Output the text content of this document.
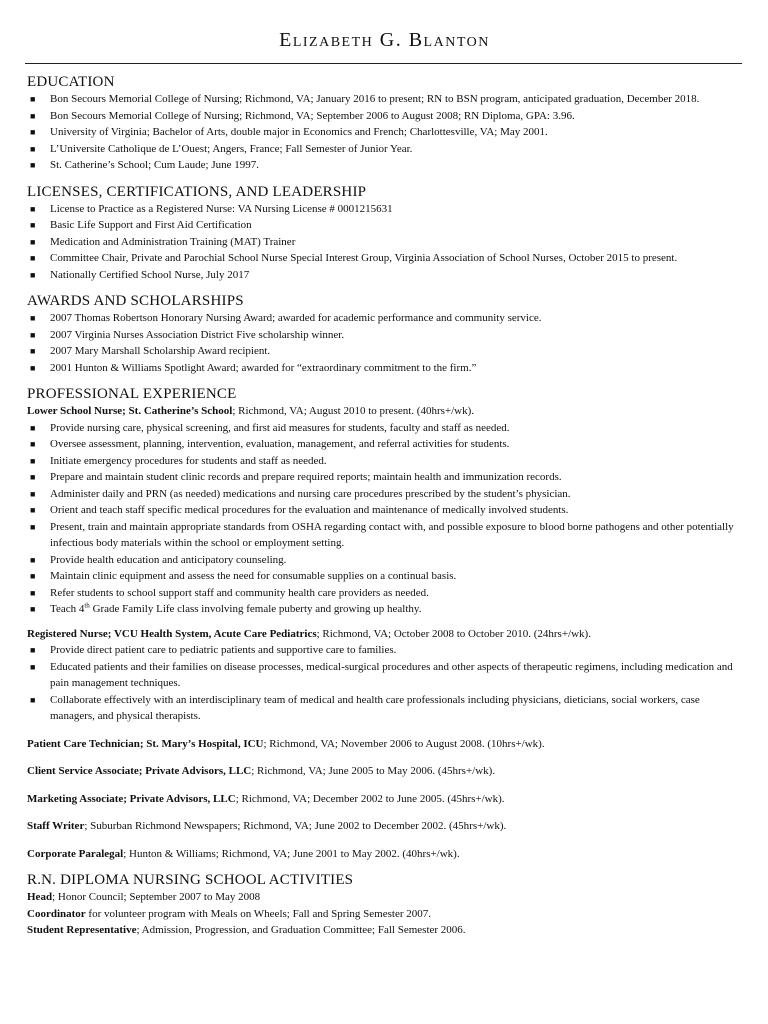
Elizabeth G. Blanton
EDUCATION
■ Bon Secours Memorial College of Nursing; Richmond, VA; January 2016 to present; RN to BSN program, anticipated graduation, December 2018.
■ Bon Secours Memorial College of Nursing; Richmond, VA; September 2006 to August 2008; RN Diploma, GPA: 3.96.
■ University of Virginia; Bachelor of Arts, double major in Economics and French; Charlottesville, VA; May 2001.
■ L’Universite Catholique de L’Ouest; Angers, France; Fall Semester of Junior Year.
■ St. Catherine’s School; Cum Laude; June 1997.
LICENSES, CERTIFICATIONS, AND LEADERSHIP
■ License to Practice as a Registered Nurse: VA Nursing License # 0001215631
■ Basic Life Support and First Aid Certification
■ Medication and Administration Training (MAT) Trainer
■ Committee Chair, Private and Parochial School Nurse Special Interest Group, Virginia Association of School Nurses, October 2015 to present.
■ Nationally Certified School Nurse, July 2017
AWARDS AND SCHOLARSHIPS
■ 2007 Thomas Robertson Honorary Nursing Award; awarded for academic performance and community service.
■ 2007 Virginia Nurses Association District Five scholarship winner.
■ 2007 Mary Marshall Scholarship Award recipient.
■ 2001 Hunton & Williams Spotlight Award; awarded for “extraordinary commitment to the firm.”
PROFESSIONAL EXPERIENCE
Lower School Nurse; St. Catherine’s School; Richmond, VA; August 2010 to present. (40hrs+/wk).
■ Provide nursing care, physical screening, and first aid measures for students, faculty and staff as needed.
■ Oversee assessment, planning, intervention, evaluation, management, and referral activities for students.
■ Initiate emergency procedures for students and staff as needed.
■ Prepare and maintain student clinic records and prepare required reports; maintain health and immunization records.
■ Administer daily and PRN (as needed) medications and nursing care procedures prescribed by the student’s physician.
■ Orient and teach staff specific medical procedures for the evaluation and maintenance of medically involved students.
■ Present, train and maintain appropriate standards from OSHA regarding contact with, and possible exposure to blood borne pathogens and other potentially infectious body materials within the school or employment setting.
■ Provide health education and anticipatory counseling.
■ Maintain clinic equipment and assess the need for consumable supplies on a continual basis.
■ Refer students to school support staff and community health care providers as needed.
■ Teach 4th Grade Family Life class involving female puberty and growing up healthy.
Registered Nurse; VCU Health System, Acute Care Pediatrics; Richmond, VA; October 2008 to October 2010. (24hrs+/wk).
■ Provide direct patient care to pediatric patients and supportive care to families.
■ Educated patients and their families on disease processes, medical-surgical procedures and other aspects of therapeutic regimens, including medication and pain management techniques.
■ Collaborate effectively with an interdisciplinary team of medical and health care professionals including physicians, dieticians, social workers, case managers, and physical therapists.
Patient Care Technician; St. Mary’s Hospital, ICU; Richmond, VA; November 2006 to August 2008. (10hrs+/wk).
Client Service Associate; Private Advisors, LLC; Richmond, VA; June 2005 to May 2006. (45hrs+/wk).
Marketing Associate; Private Advisors, LLC; Richmond, VA; December 2002 to June 2005. (45hrs+/wk).
Staff Writer; Suburban Richmond Newspapers; Richmond, VA; June 2002 to December 2002. (45hrs+/wk).
Corporate Paralegal; Hunton & Williams; Richmond, VA; June 2001 to May 2002. (40hrs+/wk).
R.N. DIPLOMA NURSING SCHOOL ACTIVITIES
Head; Honor Council; September 2007 to May 2008
Coordinator for volunteer program with Meals on Wheels; Fall and Spring Semester 2007.
Student Representative; Admission, Progression, and Graduation Committee; Fall Semester 2006.
